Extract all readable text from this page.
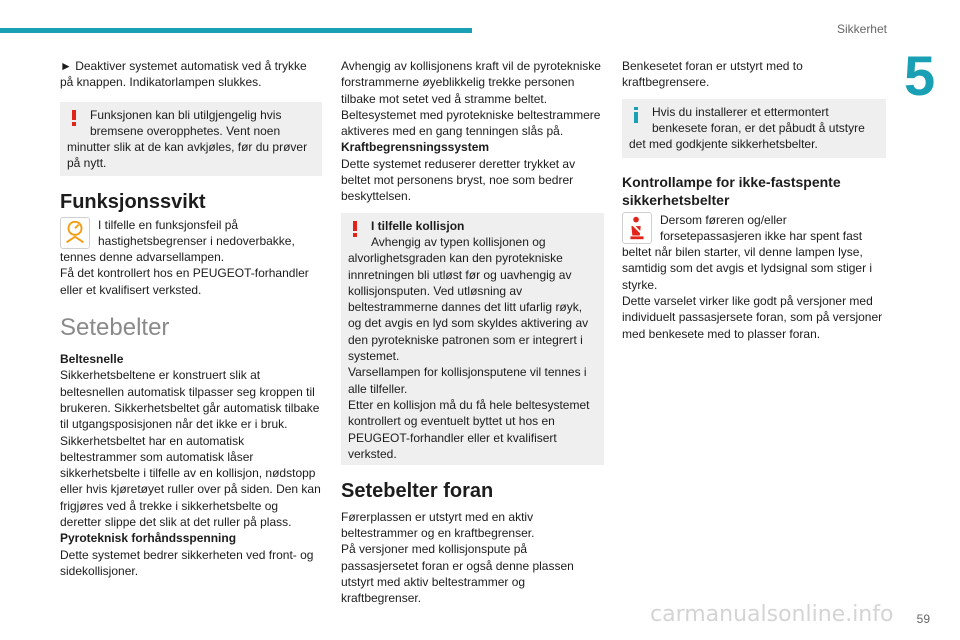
Sikkerhet
5

► Deaktiver systemet automatisk ved å trykke på knappen. Indikatorlampen slukkes.

Funksjonen kan bli utilgjengelig hvis

bremsene overopphetes. Vent noen

minutter slik at de kan avkjøles, før du prøver på nytt.

Funksjonssvikt

I tilfelle en funksjonsfeil på

hastighetsbegrenser i nedoverbakke,

tennes denne advarsellampen.

Få det kontrollert hos en PEUGEOT-forhandler eller et kvalifisert verksted.

Setebelter

Beltesnelle

Sikkerhetsbeltene er konstruert slik at beltesnellen automatisk tilpasser seg kroppen til brukeren. Sikkerhetsbeltet går automatisk tilbake til utgangsposisjonen når det ikke er i bruk.

Sikkerhetsbeltet har en automatisk beltestrammer som automatisk låser sikkerhetsbelte i tilfelle av en kollisjon, nødstopp eller hvis kjøretøyet ruller over på siden. Den kan frigjøres ved å trekke i sikkerhetsbelte og deretter slippe det slik at det ruller på plass.

Pyroteknisk forhåndsspenning

Dette systemet bedrer sikkerheten ved front- og sidekollisjoner.

Avhengig av kollisjonens kraft vil de pyrotekniske forstrammerne øyeblikkelig trekke personen tilbake mot setet ved å stramme beltet.

Beltesystemet med pyrotekniske beltestrammere aktiveres med en gang tenningen slås på.

Kraftbegrensningssystem

Dette systemet reduserer deretter trykket av beltet mot personens bryst, noe som bedrer beskyttelsen.

I tilfelle kollisjon

Avhengig av typen kollisjonen og

alvorlighetsgraden kan den pyrotekniske innretningen bli utløst før og uavhengig av kollisjonsputen. Ved utløsning av beltestrammerne dannes det litt ufarlig røyk, og det avgis en lyd som skyldes aktivering av den pyrotekniske patronen som er integrert i systemet.

Varsellampen for kollisjonsputene vil tennes i alle tilfeller.

Etter en kollisjon må du få hele beltesystemet kontrollert og eventuelt byttet ut hos en PEUGEOT-forhandler eller et kvalifisert verksted.

Setebelter foran

Førerplassen er utstyrt med en aktiv beltestrammer og en kraftbegrenser.

På versjoner med kollisjonspute på passasjersetet foran er også denne plassen utstyrt med aktiv beltestrammer og kraftbegrenser.

Benkesetet foran er utstyrt med to kraftbegrensere.

Hvis du installerer et ettermontert

benkesete foran, er det påbudt å utstyre

det med godkjente sikkerhetsbelter.

Kontrollampe for ikke-fastspente sikkerhetsbelter

Dersom føreren og/eller

forsetepassasjeren ikke har spent fast

beltet når bilen starter, vil denne lampen lyse, samtidig som det avgis et lydsignal som stiger i styrke.

Dette varselet virker like godt på versjoner med individuelt passasjersete foran, som på versjoner med benkesete med to plasser foran.

carmanualsonline.info 59
